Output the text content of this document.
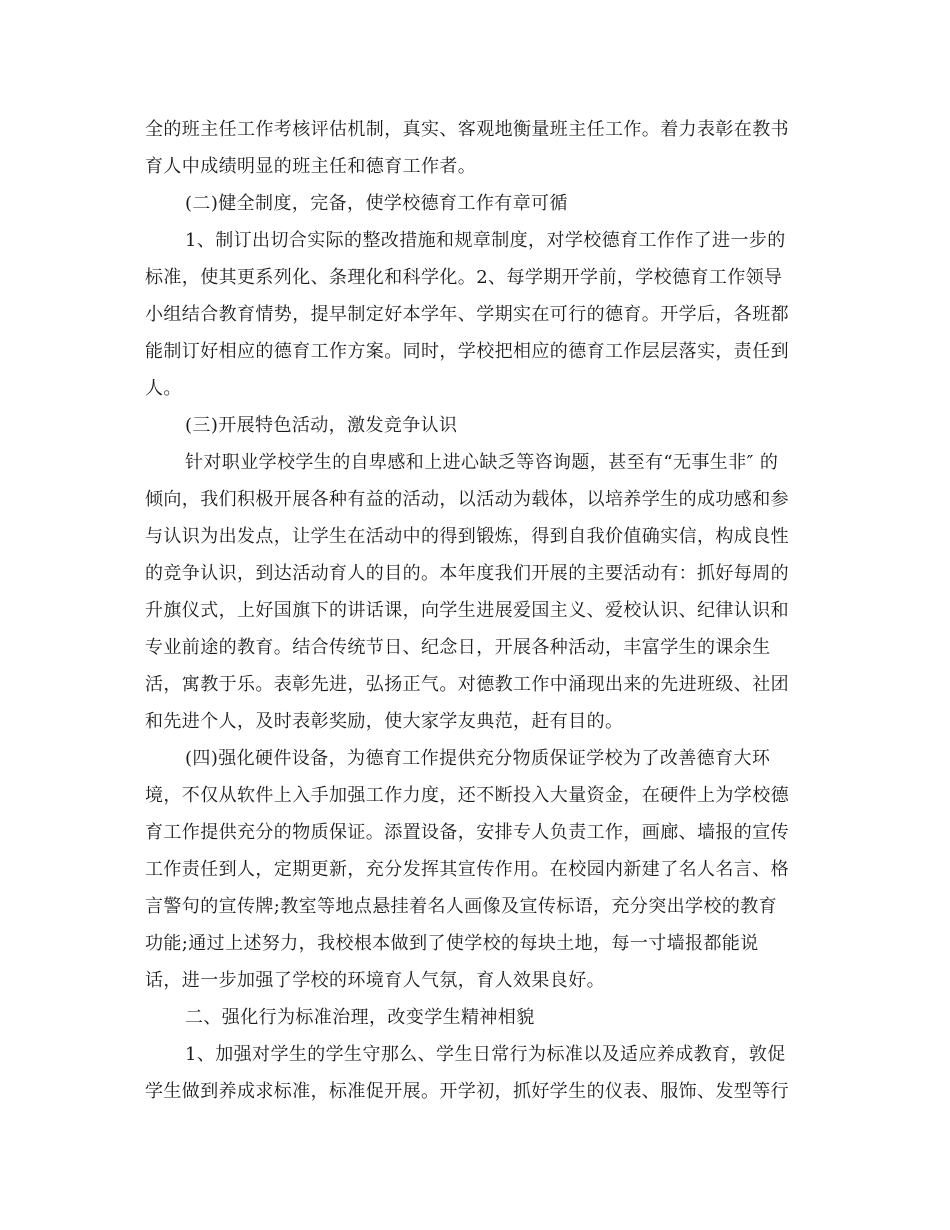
全的班主任工作考核评估机制，真实、客观地衡量班主任工作。着力表彰在教书
育人中成绩明显的班主任和德育工作者。
(二)健全制度，完备，使学校德育工作有章可循
1、制订出切合实际的整改措施和规章制度，对学校德育工作作了进一步的
标准，使其更系列化、条理化和科学化。2、每学期开学前，学校德育工作领导
小组结合教育情势，提早制定好本学年、学期实在可行的德育。开学后，各班都
能制订好相应的德育工作方案。同时，学校把相应的德育工作层层落实，责任到
人。
(三)开展特色活动，激发竞争认识
针对职业学校学生的自卑感和上进心缺乏等咨询题，甚至有“无事生非″ 的
倾向，我们积极开展各种有益的活动，以活动为载体，以培养学生的成功感和参
与认识为出发点，让学生在活动中的得到锻炼，得到自我价值确实信，构成良性
的竞争认识，到达活动育人的目的。本年度我们开展的主要活动有：抓好每周的
升旗仪式，上好国旗下的讲话课，向学生进展爱国主义、爱校认识、纪律认识和
专业前途的教育。结合传统节日、纪念日，开展各种活动，丰富学生的课余生
活，寓教于乐。表彰先进，弘扬正气。对德教工作中涌现出来的先进班级、社团
和先进个人，及时表彰奖励，使大家学友典范，赶有目的。
(四)强化硬件设备，为德育工作提供充分物质保证学校为了改善德育大环
境，不仅从软件上入手加强工作力度，还不断投入大量资金，在硬件上为学校德
育工作提供充分的物质保证。添置设备，安排专人负责工作，画廊、墙报的宣传
工作责任到人，定期更新，充分发挥其宣传作用。在校园内新建了名人名言、格
言警句的宣传牌;教室等地点悬挂着名人画像及宣传标语，充分突出学校的教育
功能;通过上述努力，我校根本做到了使学校的每块土地，每一寸墙报都能说
话，进一步加强了学校的环境育人气氛，育人效果良好。
二、强化行为标准治理，改变学生精神相貌
1、加强对学生的学生守那么、学生日常行为标准以及适应养成教育，敦促
学生做到养成求标准，标准促开展。开学初，抓好学生的仪表、服饰、发型等行
